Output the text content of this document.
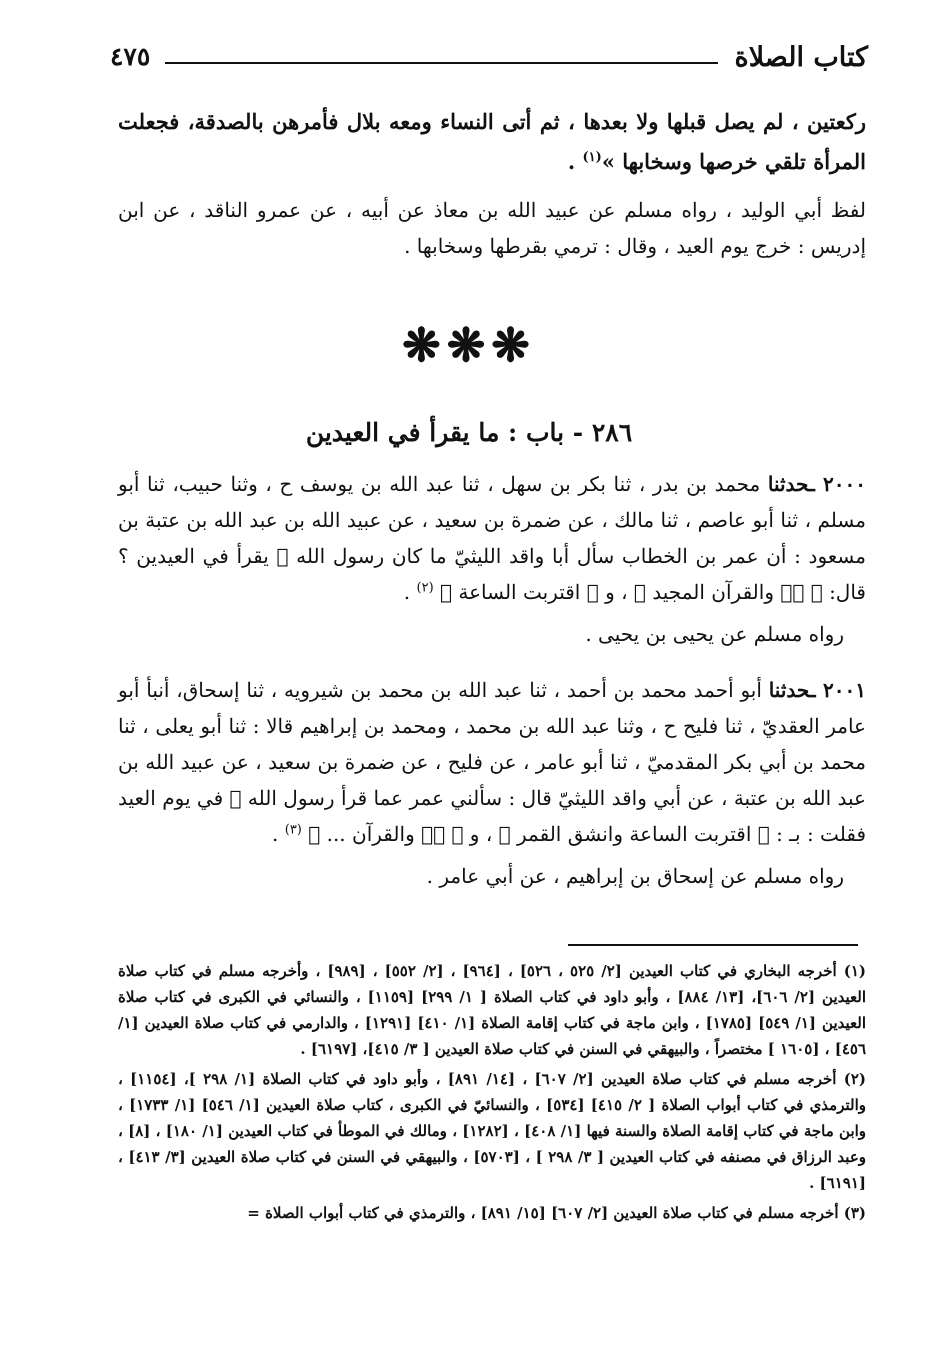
كتاب الصلاة
٤٧٥
ركعتين ، لم يصل قبلها ولا بعدها ، ثم أتى النساء ومعه بلال فأمرهن بالصدقة، فجعلت المرأة تلقي خرصها وسخابها »$^{(١)}$ .
لفظ أبي الوليد ، رواه مسلم عن عبيد الله بن معاذ عن أبيه ، عن عمرو الناقد ، عن ابن إدريس : خرج يوم العيد ، وقال : ترمي بقرطها وسخابها .
❋❋❋
٢٨٦ - باب : ما يقرأ في العيدين
٢٠٠٠ ـحدثنا محمد بن بدر ، ثنا بكر بن سهل ، ثنا عبد الله بن يوسف ح ، وثنا حبيب، ثنا أبو مسلم ، ثنا أبو عاصم ، ثنا مالك ، عن ضمرة بن سعيد ، عن عبيد الله بن عبد الله بن عتبة بن مسعود : أن عمر بن الخطاب سأل أبا واقد الليثيّ ما كان رسول الله ﷺ يقرأ في العيدين ؟ قال: ﴿ قۤ والقرآن المجيد ﴾ ، و ﴿ اقتربت الساعة ﴾ $^{(٢)}$ .
رواه مسلم عن يحيى بن يحيى .
٢٠٠١ ـحدثنا أبو أحمد محمد بن أحمد ، ثنا عبد الله بن محمد بن شيرويه ، ثنا إسحاق، أنبأ أبو عامر العقديّ ، ثنا فليح ح ، وثنا عبد الله بن محمد ، ومحمد بن إبراهيم قالا : ثنا أبو يعلى ، ثنا محمد بن أبي بكر المقدميّ ، ثنا أبو عامر ، عن فليح ، عن ضمرة بن سعيد ، عن عبيد الله بن عبد الله بن عتبة ، عن أبي واقد الليثيّ قال : سألني عمر عما قرأ رسول الله ﷺ في يوم العيد فقلت : بـ : ﴿ اقتربت الساعة وانشق القمر ﴾ ، و ﴿ قۤ والقرآن ... ﴾ $^{(٣)}$ .
رواه مسلم عن إسحاق بن إبراهيم ، عن أبي عامر .
(١) أخرجه البخاري في كتاب العيدين [٢/ ٥٢٥ ، ٥٢٦] ، [٩٦٤] ، [٢/ ٥٥٢] ، [٩٨٩] ، وأخرجه مسلم في كتاب صلاة العيدين [٢/ ٦٠٦]، [١٣/ ٨٨٤] ، وأبو داود في كتاب الصلاة [ ١/ ٢٩٩] [١١٥٩] ، والنسائي في الكبرى في كتاب صلاة العيدين [١/ ٥٤٩] [١٧٨٥] ، وابن ماجة في كتاب إقامة الصلاة [١/ ٤١٠] [١٢٩١] ، والدارمي في كتاب صلاة العيدين [١/ ٤٥٦] ، [١٦٠٥ ] مختصراً ، والبيهقي في السنن في كتاب صلاة العيدين [ ٣/ ٤١٥]، [٦١٩٧] .
(٢) أخرجه مسلم في كتاب صلاة العيدين [٢/ ٦٠٧] ، [١٤/ ٨٩١] ، وأبو داود في كتاب الصلاة [١/ ٢٩٨ ]، [١١٥٤] ، والترمذي في كتاب أبواب الصلاة [ ٢/ ٤١٥] [٥٣٤] ، والنسائيّ في الكبرى ، كتاب صلاة العيدين [١/ ٥٤٦] [١/ ١٧٣٣] ، وابن ماجة في كتاب إقامة الصلاة والسنة فيها [١/ ٤٠٨] ، [١٢٨٢] ، ومالك في الموطأ في كتاب العيدين [١/ ١٨٠] ، [٨] ، وعبد الرزاق في مصنفه في كتاب العيدين [ ٣/ ٢٩٨ ] ، [٥٧٠٣] ، والبيهقي في السنن في كتاب صلاة العيدين [٣/ ٤١٣] ، [٦١٩١] .
(٣) أخرجه مسلم في كتاب صلاة العيدين [٢/ ٦٠٧] [١٥/ ٨٩١] ، والترمذي في كتاب أبواب الصلاة =
